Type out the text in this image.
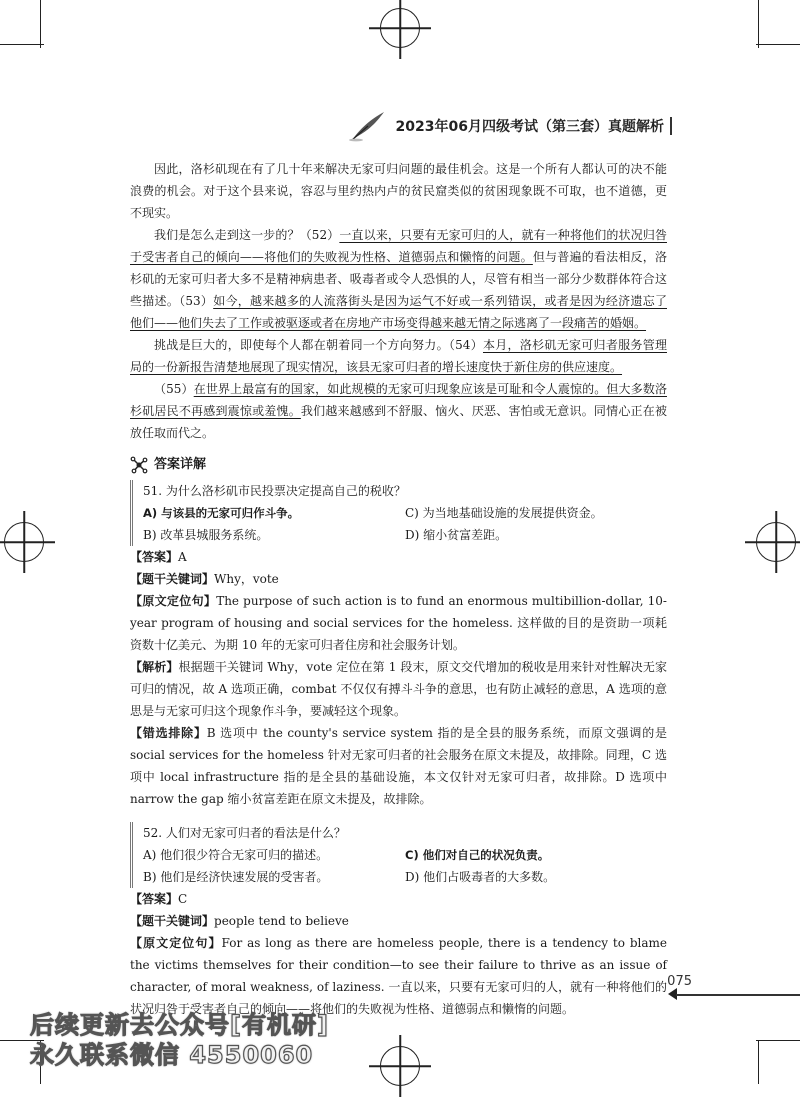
2023年06月四级考试（第三套）真题解析

因此，洛杉矶现在有了几十年来解决无家可归问题的最佳机会。这是一个所有人都认可的决不能浪费的机会。对于这个县来说，容忍与里约热内卢的贫民窟类似的贫困现象既不可取，也不道德，更不现实。

我们是怎么走到这一步的？（52）一直以来，只要有无家可归的人，就有一种将他们的状况归咎于受害者自己的倾向——将他们的失败视为性格、道德弱点和懒惰的问题。但与普遍的看法相反，洛杉矶的无家可归者大多不是精神病患者、吸毒者或令人恐惧的人，尽管有相当一部分少数群体符合这些描述。（53）如今，越来越多的人流落街头是因为运气不好或一系列错误，或者是因为经济遗忘了他们——他们失去了工作或被驱逐或者在房地产市场变得越来越无情之际逃离了一段痛苦的婚姻。

挑战是巨大的，即使每个人都在朝着同一个方向努力。（54）本月，洛杉矶无家可归者服务管理局的一份新报告清楚地展现了现实情况，该县无家可归者的增长速度快于新住房的供应速度。

（55）在世界上最富有的国家，如此规模的无家可归现象应该是可耻和令人震惊的。但大多数洛杉矶居民不再感到震惊或羞愧。我们越来越感到不舒服、恼火、厌恶、害怕或无意识。同情心正在被放任取而代之。

答案详解

51. 为什么洛杉矶市民投票决定提高自己的税收？

A) 与该县的无家可归作斗争。	C) 为当地基础设施的发展提供资金。

B) 改革县城服务系统。	D) 缩小贫富差距。

【答案】A

【题干关键词】Why，vote

【原文定位句】The purpose of such action is to fund an enormous multibillion-dollar, 10-year program of housing and social services for the homeless. 这样做的目的是资助一项耗资数十亿美元、为期 10 年的无家可归者住房和社会服务计划。

【解析】根据题干关键词 Why，vote 定位在第 1 段末，原文交代增加的税收是用来针对性解决无家可归的情况，故 A 选项正确，combat 不仅仅有搏斗斗争的意思，也有防止减轻的意思，A 选项的意思是与无家可归这个现象作斗争，要减轻这个现象。

【错选排除】B 选项中 the county's service system 指的是全县的服务系统，而原文强调的是 social services for the homeless 针对无家可归者的社会服务在原文未提及，故排除。同理，C 选项中 local infrastructure 指的是全县的基础设施，本文仅针对无家可归者，故排除。D 选项中 narrow the gap 缩小贫富差距在原文未提及，故排除。

52. 人们对无家可归者的看法是什么？

A) 他们很少符合无家可归的描述。	C) 他们对自己的状况负责。

B) 他们是经济快速发展的受害者。	D) 他们占吸毒者的大多数。

【答案】C

【题干关键词】people tend to believe

【原文定位句】For as long as there are homeless people, there is a tendency to blame the victims themselves for their condition—to see their failure to thrive as an issue of character, of moral weakness, of laziness. 一直以来，只要有无家可归的人，就有一种将他们的状况归咎于受害者自己的倾向——将他们的失败视为性格、道德弱点和懒惰的问题。

075
后续更新去公众号[有机研]
永久联系微信 4550060
